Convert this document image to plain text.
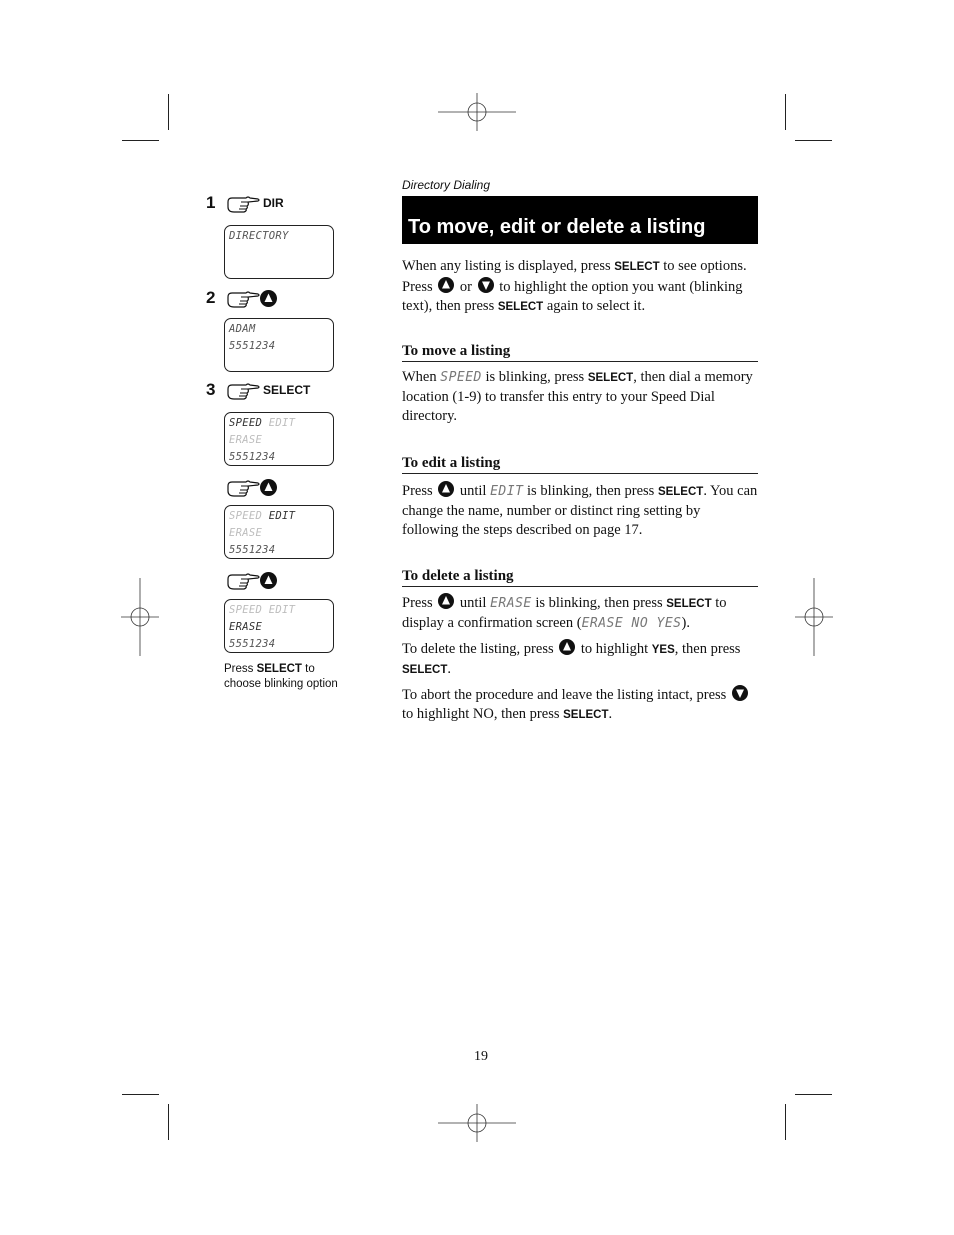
1	DIR
DIRECTORY
2
ADAM
5551234
3	SELECT
SPEED EDIT ERASE
5551234
SPEED EDIT ERASE
5551234
SPEED EDIT ERASE
5551234
Press SELECT to choose blinking option
Directory Dialing
To move, edit or delete a listing

When any listing is displayed, press SELECT to see options. Press
or
to highlight the option you want (blinking text), then press SELECT again to select it.

To move a listing

When SPEED is blinking, press SELECT, then dial a memory location (1-9) to transfer this entry to your Speed Dial directory.

To edit a listing

Press
until EDIT is blinking, then press SELECT. You can change the name, number or distinct ring setting by following the steps described on page 17.

To delete a listing

Press
until ERASE is blinking, then press SELECT to display a confirmation screen (ERASE NO YES).

To delete the listing, press
to highlight YES, then press SELECT.

To abort the procedure and leave the listing intact, press
to highlight NO, then press SELECT.

19
